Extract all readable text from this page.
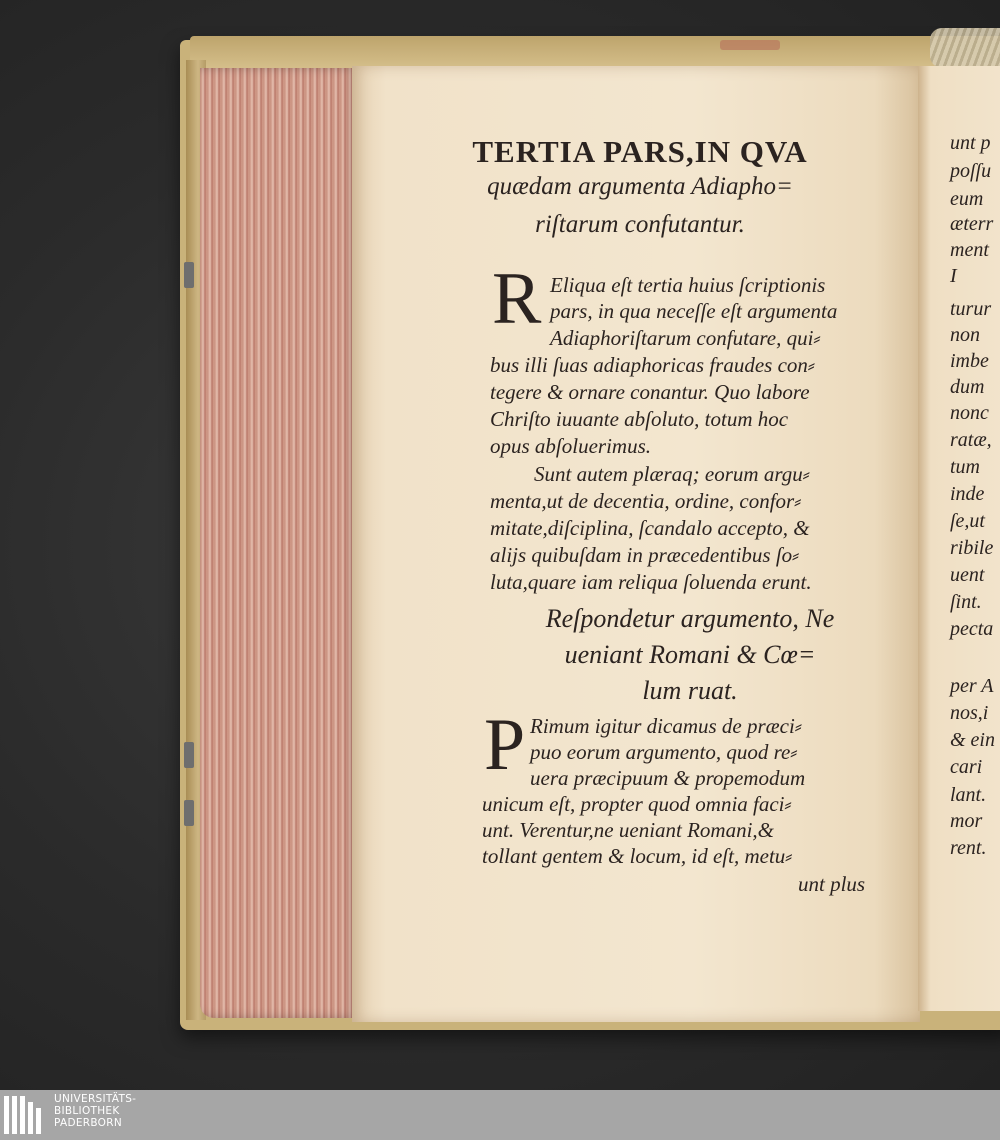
TERTIA PARS,IN QVA
quædam argumenta Adiapho=
riſtarum confutantur.
R Eliqua eſt tertia huius ſcriptionis
pars, in qua neceſſe eſt argumenta
Adiaphoriſtarum confutare, qui⸗
bus illi ſuas adiaphoricas fraudes con⸗
tegere & ornare conantur. Quo labore
Chriſto iuuante abſoluto, totum hoc
opus abſoluerimus.
Sunt autem plæraq; eorum argu⸗
menta,ut de decentia, ordine, confor⸗
mitate,diſciplina, ſcandalo accepto, &
alijs quibuſdam in præcedentibus ſo⸗
luta,quare iam reliqua ſoluenda erunt.
Reſpondetur argumento, Ne
ueniant Romani & Cœ=
lum ruat.
P Rimum igitur dicamus de præci⸗
puo eorum argumento, quod re⸗
uera præcipuum & propemodum
unicum eſt, propter quod omnia faci⸗
unt. Verentur,ne ueniant Romani,&
tollant gentem & locum, id eſt, metu⸗
unt plus
unt p
poſſu
eum
æterr
ment
I
turur
non
imbe
dum
nonc
ratæ,
tum
inde
ſe,ut
ribile
uent
ſint.
pecta
per A
nos,i
& ein
cari
lant.
mor
rent.
UNIVERSITÄTS-
BIBLIOTHEK
PADERBORN
